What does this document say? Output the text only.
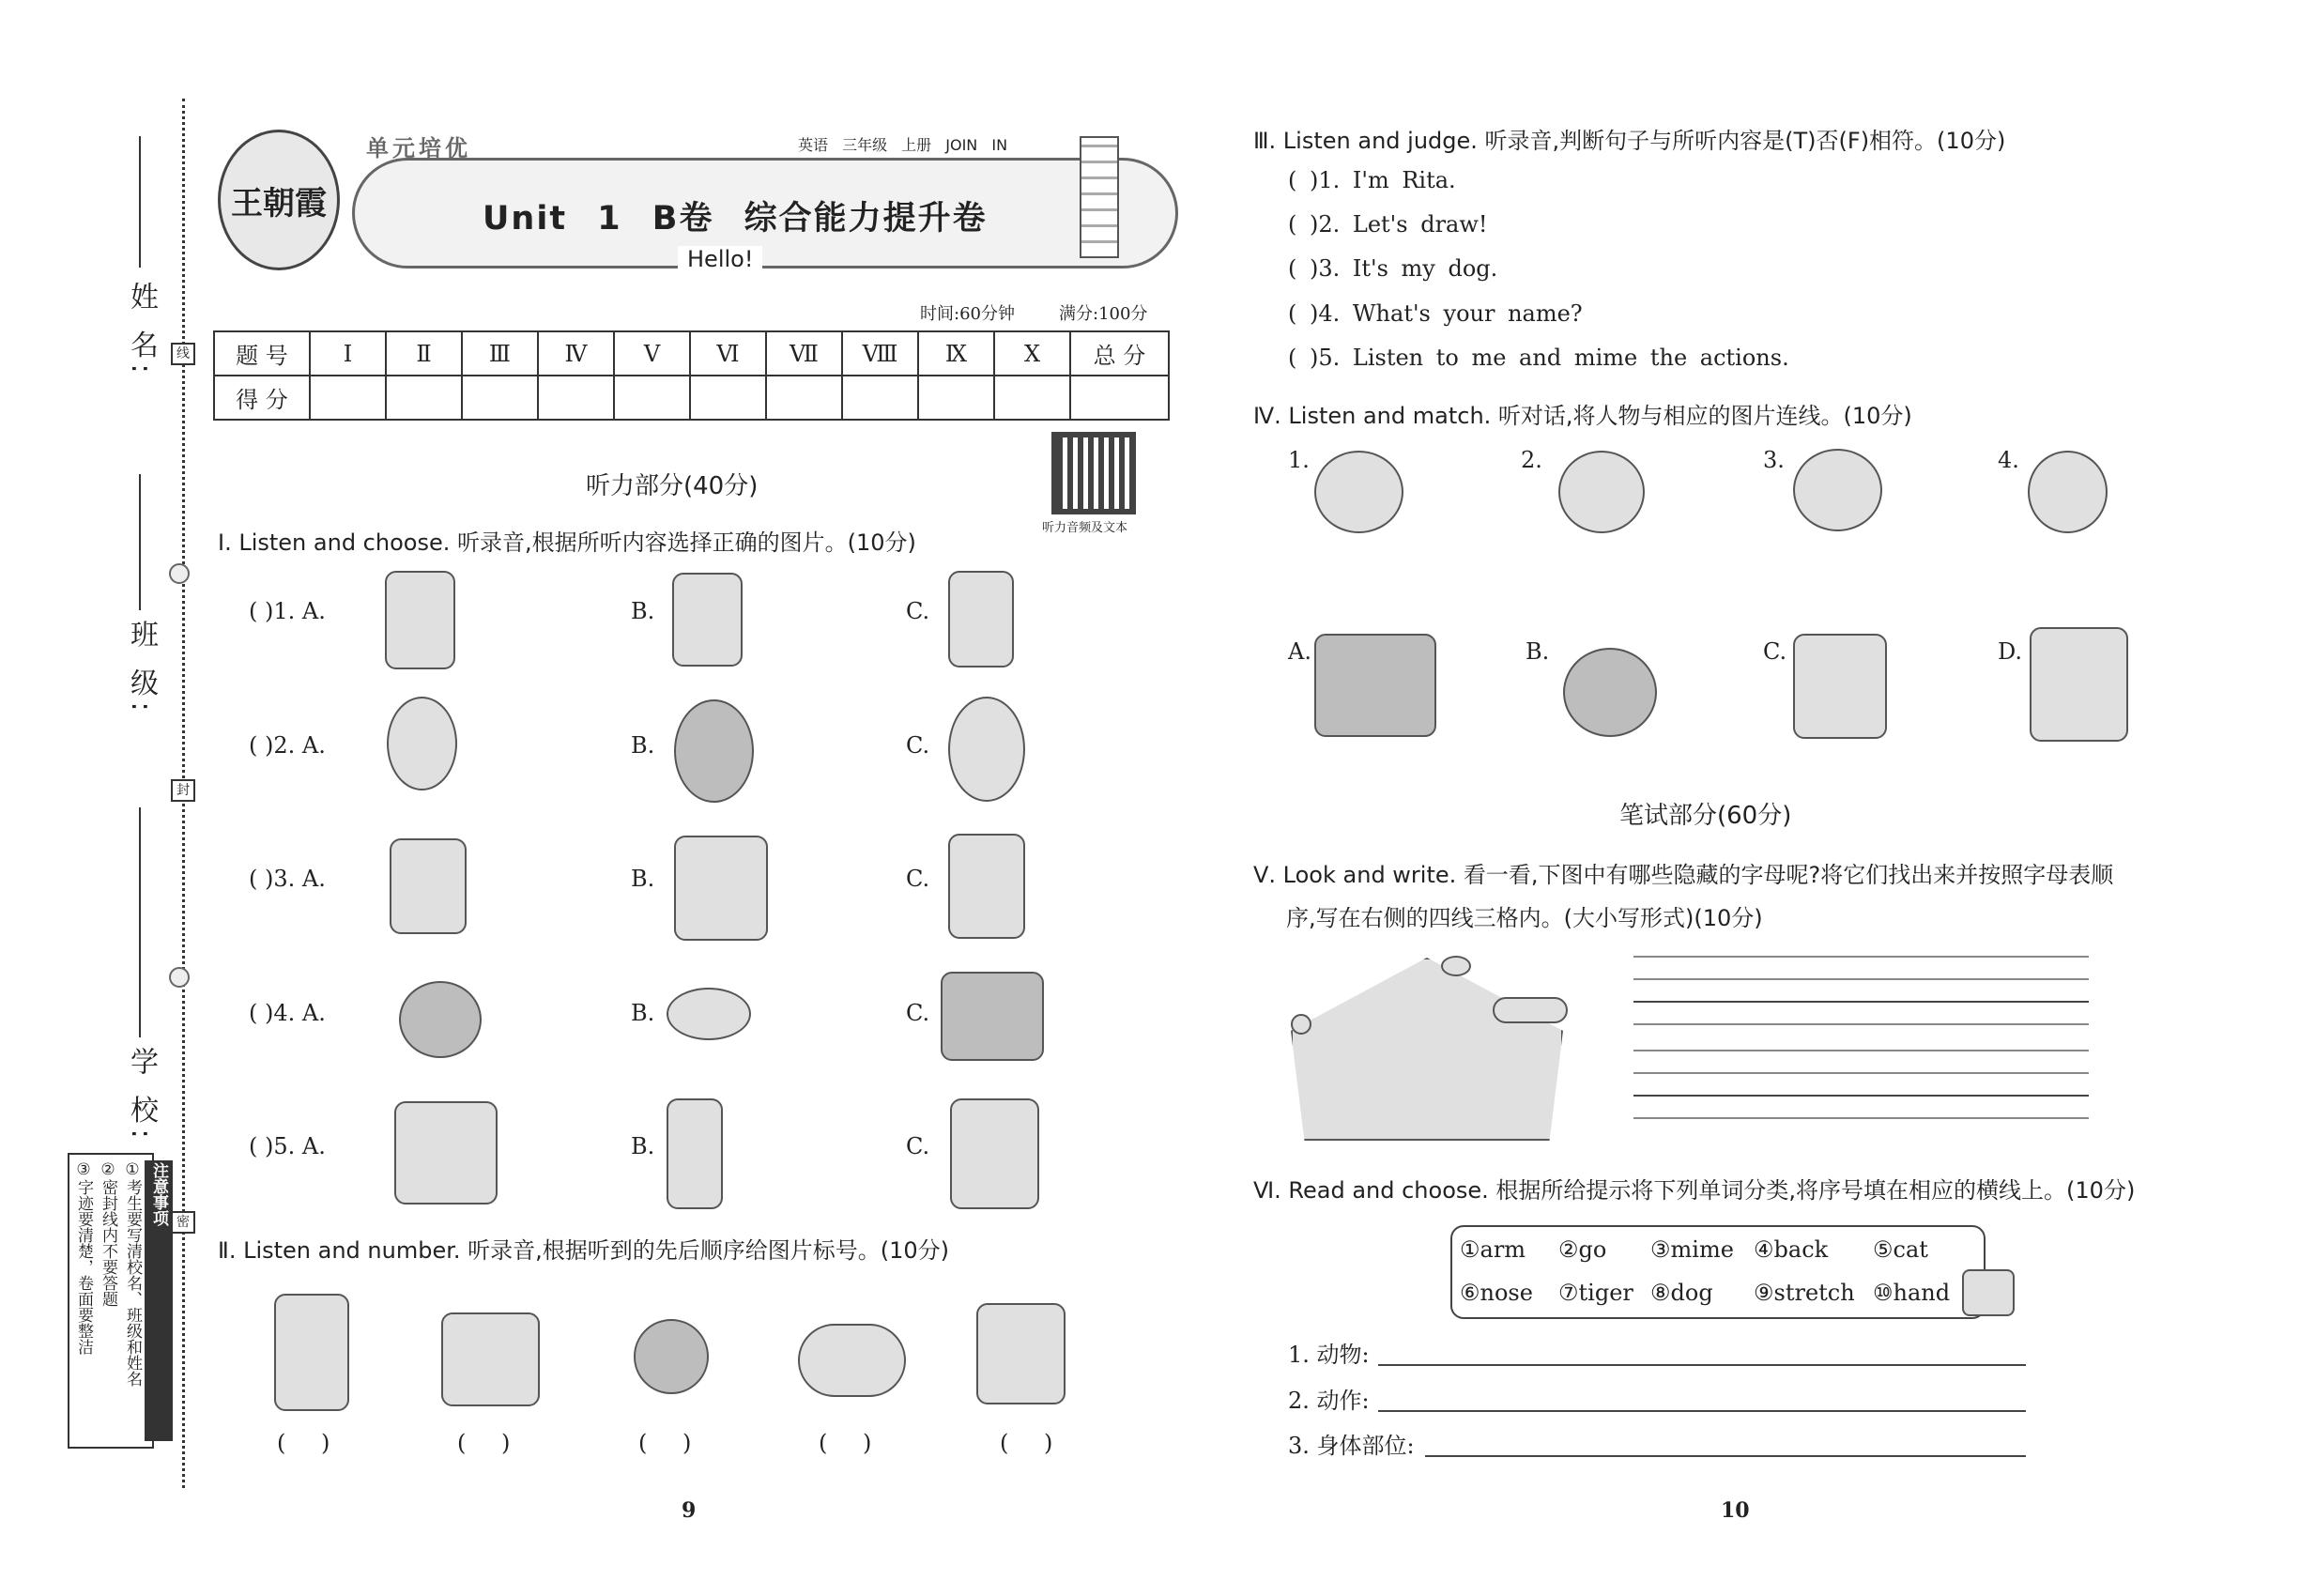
姓 名:
班 级:
学 校:
线
封
密
注意事项
①考生要写清校名、班级和姓名
②密封线内不要答题
③字迹要清楚，卷面要整洁
王朝霞
单元培优	英语 三年级 上册 JOIN IN
Unit 1 B卷 综合能力提升卷
Hello!
时间:60分钟	满分:100分
题 号	Ⅰ	Ⅱ	Ⅲ	Ⅳ	Ⅴ	Ⅵ	Ⅶ	Ⅷ	Ⅸ	Ⅹ	总 分
得 分											
听力音频及文本
听力部分(40分)
Ⅰ. Listen and choose. 听录音,根据所听内容选择正确的图片。(10分)
( )1. A.	B.	C.
( )2. A.	B.	C.
( )3. A.	B.	C.
( )4. A.	B.	C.
( )5. A.	B.	C.
Ⅱ. Listen and number. 听录音,根据听到的先后顺序给图片标号。(10分)
( )	( )	( )	( )	( )
9
Ⅲ. Listen and judge. 听录音,判断句子与所听内容是(T)否(F)相符。(10分)
( )1. I'm Rita.
( )2. Let's draw!
( )3. It's my dog.
( )4. What's your name?
( )5. Listen to me and mime the actions.
Ⅳ. Listen and match. 听对话,将人物与相应的图片连线。(10分)
1.	2.	3.	4.
A.	B.	C.	D.
笔试部分(60分)
Ⅴ. Look and write. 看一看,下图中有哪些隐藏的字母呢?将它们找出来并按照字母表顺
序,写在右侧的四线三格内。(大小写形式)(10分)
Ⅵ. Read and choose. 根据所给提示将下列单词分类,将序号填在相应的横线上。(10分)
①arm ②go ③mime ④back ⑤cat
⑥nose ⑦tiger ⑧dog ⑨stretch ⑩hand
1. 动物:
2. 动作:
3. 身体部位:
10
